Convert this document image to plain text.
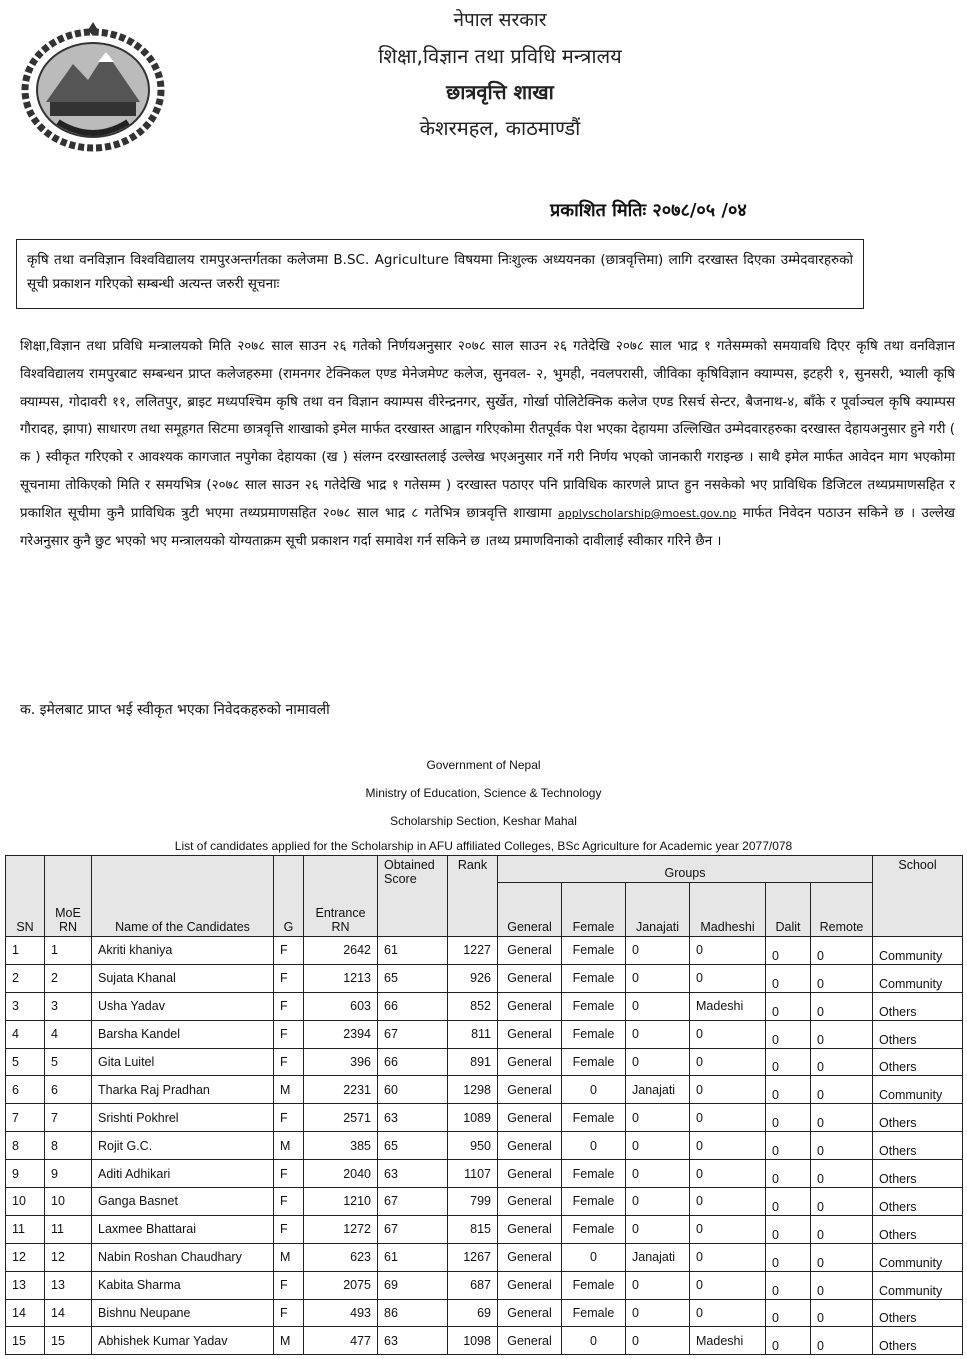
नेपाल सरकार
शिक्षा,विज्ञान तथा प्रविधि मन्त्रालय
छात्रवृत्ति शाखा
केशरमहल, काठमाण्डौं
प्रकाशित मितिः २०७८/०५ /०४
कृषि तथा वनविज्ञान विश्वविद्यालय रामपुरअन्तर्गतका कलेजमा B.SC. Agriculture विषयमा निःशुल्क अध्ययनका (छात्रवृत्तिमा) लागि दरखास्त दिएका उम्मेदवारहरुको सूची प्रकाशन गरिएको सम्बन्धी अत्यन्त जरुरी सूचनाः
शिक्षा,विज्ञान तथा प्रविधि मन्त्रालयको मिति २०७८ साल साउन २६ गतेको निर्णयअनुसार २०७८ साल साउन २६ गतेदेखि २०७८ साल भाद्र १ गतेसम्मको समयावधि दिएर कृषि तथा वनविज्ञान विश्वविद्यालय रामपुरबाट सम्बन्धन प्राप्त कलेजहरुमा (रामनगर टेक्निकल एण्ड मेनेजमेण्ट कलेज, सुनवल- २, भुमही, नवलपरासी, जीविका कृषिविज्ञान क्याम्पस, इटहरी १, सुनसरी, भ्याली कृषि क्याम्पस, गोदावरी ११, ललितपुर, ब्राइट मध्यपश्चिम कृषि तथा वन विज्ञान क्याम्पस वीरेन्द्रनगर, सुर्खेत, गोर्खा पोलिटेक्निक कलेज एण्ड रिसर्च सेन्टर, बैजनाथ-४, बाँके र पूर्वाञ्चल कृषि क्याम्पस गौरादह, झापा) साधारण तथा समूहगत सिटमा छात्रवृत्ति शाखाको इमेल मार्फत दरखास्त आह्वान गरिएकोमा रीतपूर्वक पेश भएका देहायमा उल्लिखित उम्मेदवारहरुका दरखास्त देहायअनुसार हुने गरी ( क ) स्वीकृत गरिएको र आवश्यक कागजात नपुगेका देहायका (ख ) संलग्न दरखास्तलाई उल्लेख भएअनुसार गर्ने गरी निर्णय भएको जानकारी गराइन्छ । साथै इमेल मार्फत आवेदन माग भएकोमा सूचनामा तोकिएको मिति र समयभित्र (२०७८ साल साउन २६ गतेदेखि भाद्र १ गतेसम्म ) दरखास्त पठाएर पनि प्राविधिक कारणले प्राप्त हुन नसकेको भए प्राविधिक डिजिटल तथ्यप्रमाणसहित र प्रकाशित सूचीमा कुनै प्राविधिक त्रुटी भएमा तथ्यप्रमाणसहित २०७८ साल भाद्र ८ गतेभित्र छात्रवृत्ति शाखामा applyscholarship@moest.gov.np मार्फत निवेदन पठाउन सकिने छ । उल्लेख गरेअनुसार कुनै छुट भएको भए मन्त्रालयको योग्यताक्रम सूची प्रकाशन गर्दा समावेश गर्न सकिने छ ।तथ्य प्रमाणविनाको दावीलाई स्वीकार गरिने छैन ।
क. इमेलबाट प्राप्त भई स्वीकृत भएका निवेदकहरुको नामावली
Government of Nepal
Ministry of Education, Science & Technology
Scholarship Section, Keshar Mahal
List of candidates applied for the Scholarship in AFU affiliated Colleges, BSc Agriculture for Academic year 2077/078
SN	MoE RN	Name of the Candidates	G	Entrance RN	Obtained Score	Rank	Groups						School
							General	Female	Janajati	Madheshi	Dalit	Remote	
1	1	Akriti khaniya	F	2642	61	1227	General	Female	0	0	0	0	Community
2	2	Sujata Khanal	F	1213	65	926	General	Female	0	0	0	0	Community
3	3	Usha Yadav	F	603	66	852	General	Female	0	Madeshi	0	0	Others
4	4	Barsha Kandel	F	2394	67	811	General	Female	0	0	0	0	Others
5	5	Gita Luitel	F	396	66	891	General	Female	0	0	0	0	Others
6	6	Tharka Raj Pradhan	M	2231	60	1298	General	0	Janajati	0	0	0	Community
7	7	Srishti Pokhrel	F	2571	63	1089	General	Female	0	0	0	0	Others
8	8	Rojit G.C.	M	385	65	950	General	0	0	0	0	0	Others
9	9	Aditi Adhikari	F	2040	63	1107	General	Female	0	0	0	0	Others
10	10	Ganga Basnet	F	1210	67	799	General	Female	0	0	0	0	Others
11	11	Laxmee Bhattarai	F	1272	67	815	General	Female	0	0	0	0	Others
12	12	Nabin Roshan Chaudhary	M	623	61	1267	General	0	Janajati	0	0	0	Community
13	13	Kabita Sharma	F	2075	69	687	General	Female	0	0	0	0	Community
14	14	Bishnu Neupane	F	493	86	69	General	Female	0	0	0	0	Others
15	15	Abhishek Kumar Yadav	M	477	63	1098	General	0	0	Madeshi	0	0	Others
